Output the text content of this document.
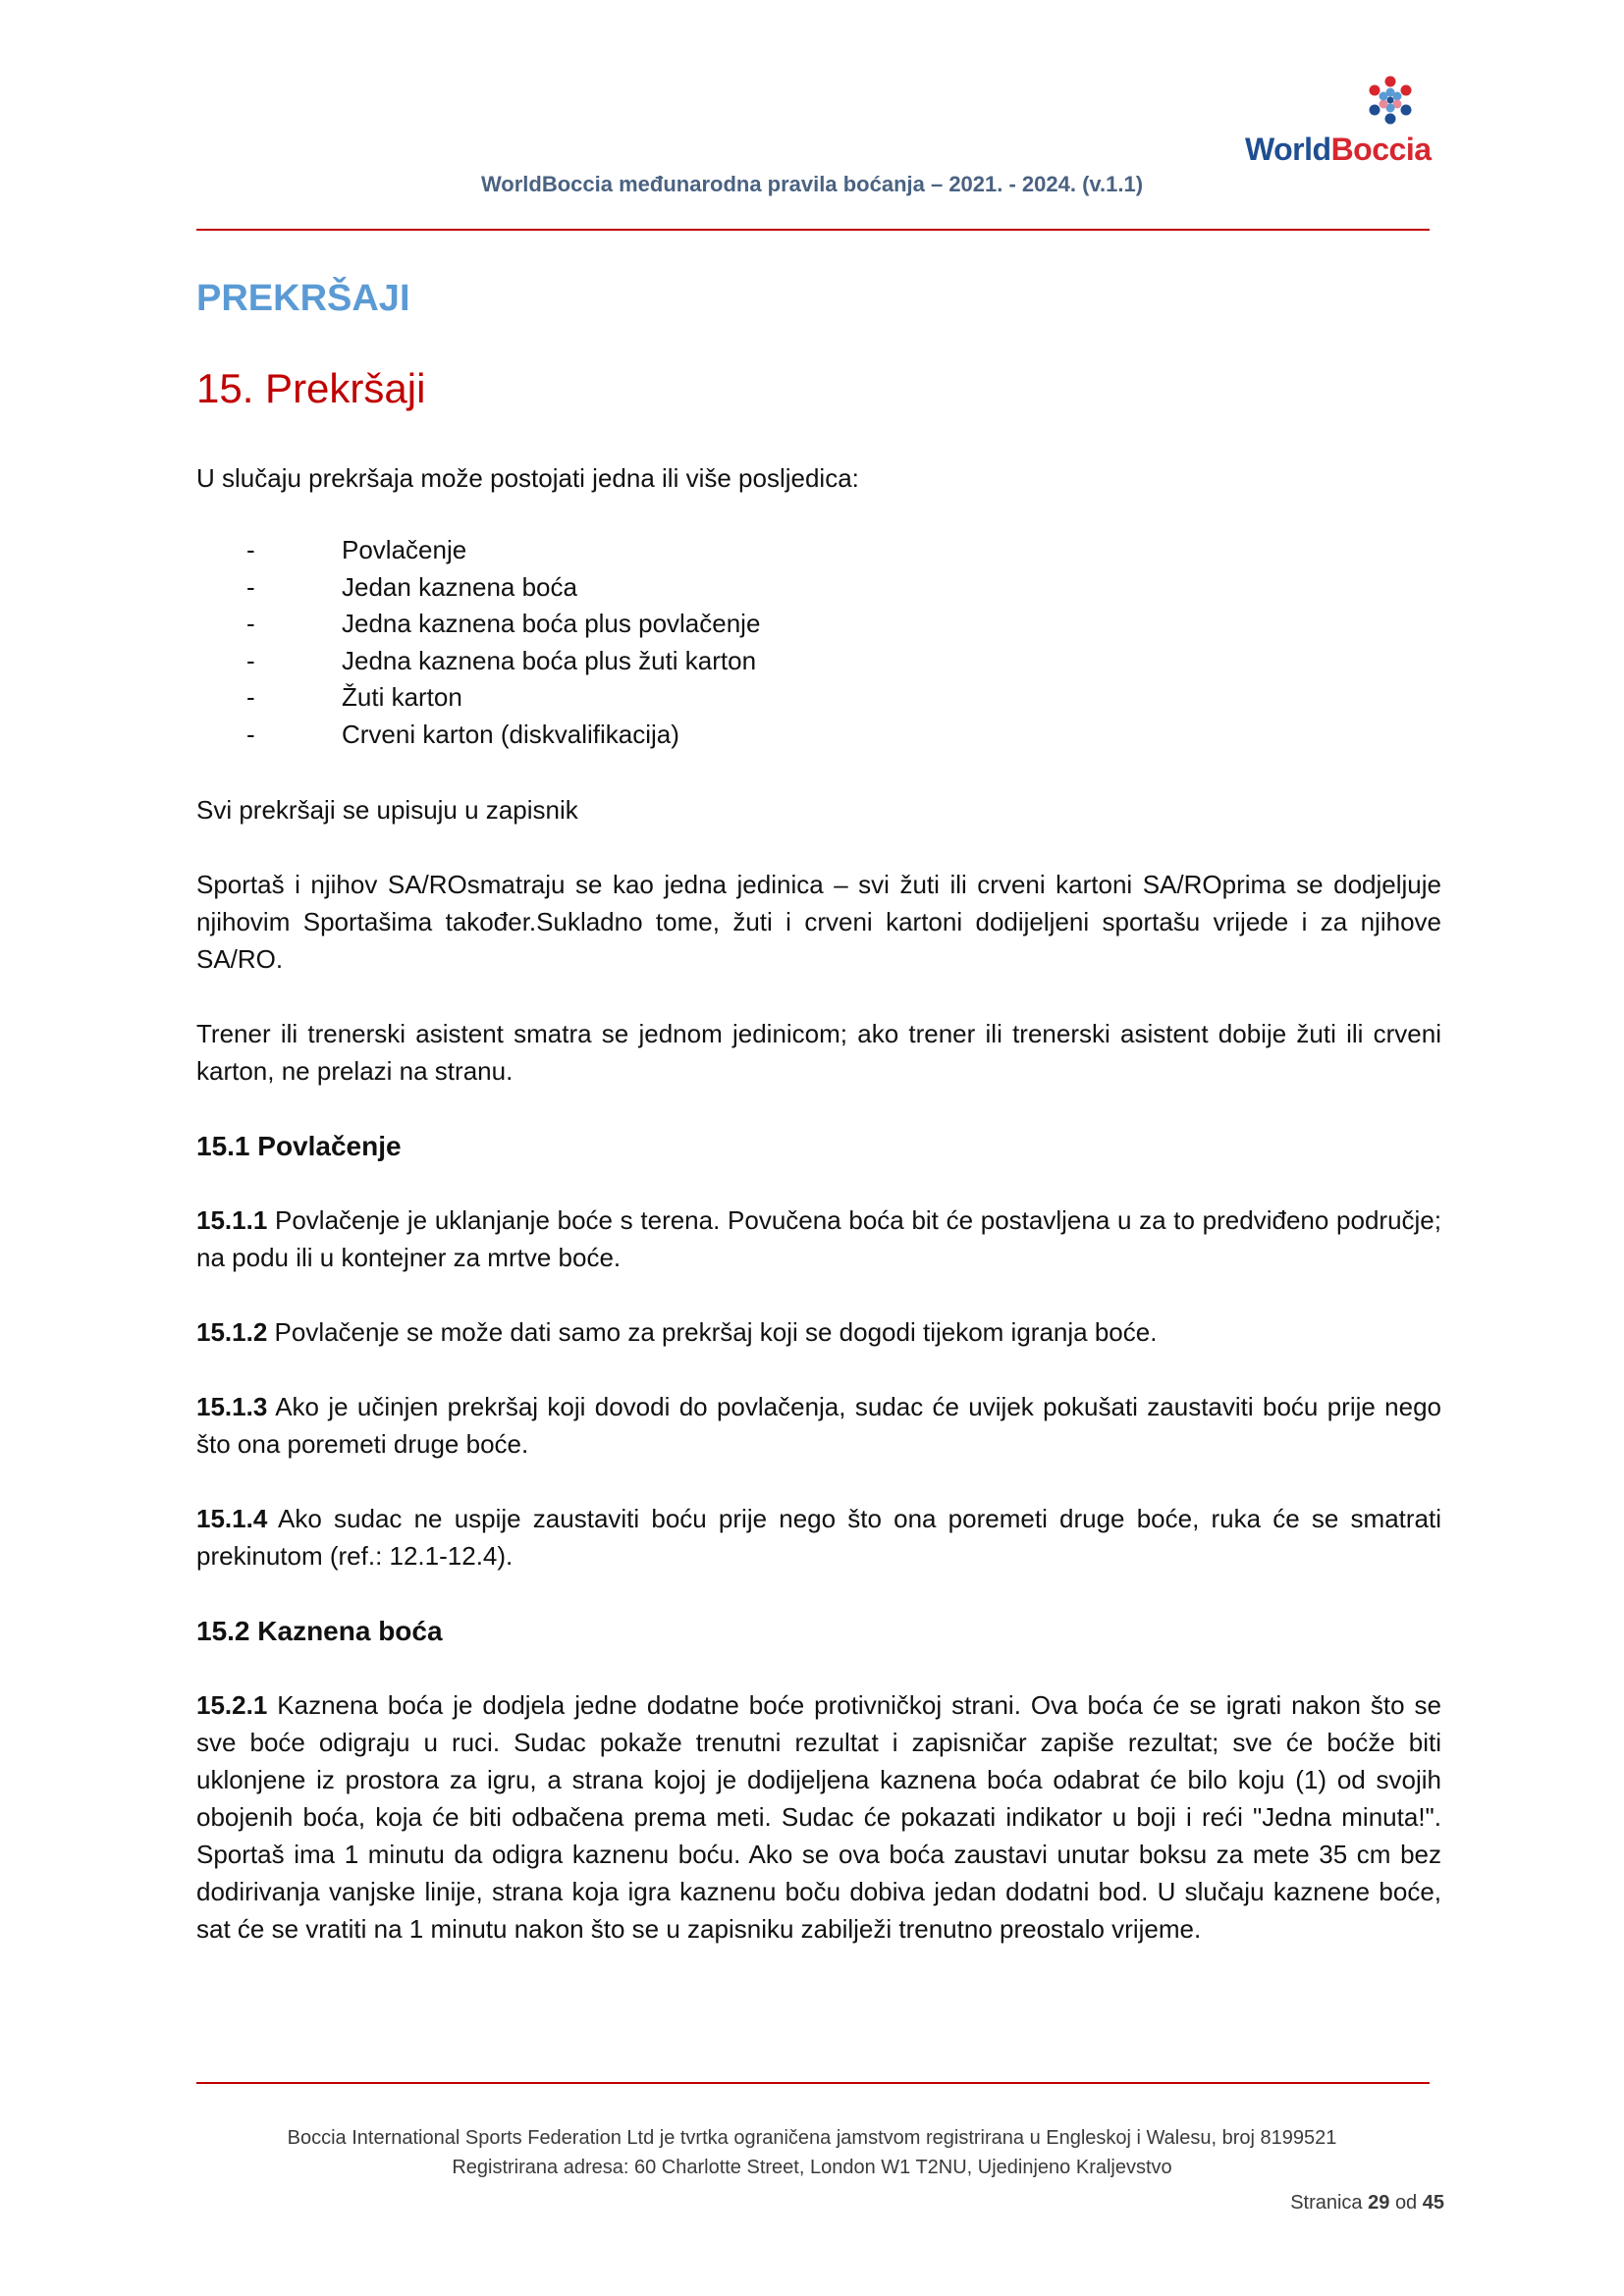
WorldBoccia međunarodna pravila boćanja – 2021. - 2024. (v.1.1)
WorldBoccia
PREKRŠAJI
15. Prekršaji

U slučaju prekršaja može postojati jedna ili više posljedica:

-	Povlačenje
-	Jedan kaznena boća
-	Jedna kaznena boća plus povlačenje
-	Jedna kaznena boća plus žuti karton
-	Žuti karton
-	Crveni karton (diskvalifikacija)

Svi prekršaji se upisuju u zapisnik

Sportaš i njihov SA/ROsmatraju se kao jedna jedinica – svi žuti ili crveni kartoni SA/ROprima se dodjeljuje njihovim Sportašima također.Sukladno tome, žuti i crveni kartoni dodijeljeni sportašu vrijede i za njihove SA/RO.

Trener ili trenerski asistent smatra se jednom jedinicom; ako trener ili trenerski asistent dobije žuti ili crveni karton, ne prelazi na stranu.

15.1 Povlačenje

15.1.1 Povlačenje je uklanjanje boće s terena. Povučena boća bit će postavljena u za to predviđeno područje; na podu ili u kontejner za mrtve boće.

15.1.2 Povlačenje se može dati samo za prekršaj koji se dogodi tijekom igranja boće.

15.1.3 Ako je učinjen prekršaj koji dovodi do povlačenja, sudac će uvijek pokušati zaustaviti boću prije nego što ona poremeti druge boće.

15.1.4 Ako sudac ne uspije zaustaviti boću prije nego što ona poremeti druge boće, ruka će se smatrati prekinutom (ref.: 12.1-12.4).

15.2 Kaznena boća

15.2.1 Kaznena boća je dodjela jedne dodatne boće protivničkoj strani. Ova boća će se igrati nakon što se sve boće odigraju u ruci. Sudac pokaže trenutni rezultat i zapisničar zapiše rezultat; sve će boćže biti uklonjene iz prostora za igru, a strana kojoj je dodijeljena kaznena boća odabrat će bilo koju (1) od svojih obojenih boća, koja će biti odbačena prema meti. Sudac će pokazati indikator u boji i reći "Jedna minuta!". Sportaš ima 1 minutu da odigra kaznenu boću. Ako se ova boća zaustavi unutar boksu za mete 35 cm bez dodirivanja vanjske linije, strana koja igra kaznenu boču dobiva jedan dodatni bod. U slučaju kaznene boće, sat će se vratiti na 1 minutu nakon što se u zapisniku zabilježi trenutno preostalo vrijeme.

Boccia International Sports Federation Ltd je tvrtka ograničena jamstvom registrirana u Engleskoj i Walesu, broj 8199521
Registrirana adresa: 60 Charlotte Street, London W1 T2NU, Ujedinjeno Kraljevstvo
Stranica 29 od 45
